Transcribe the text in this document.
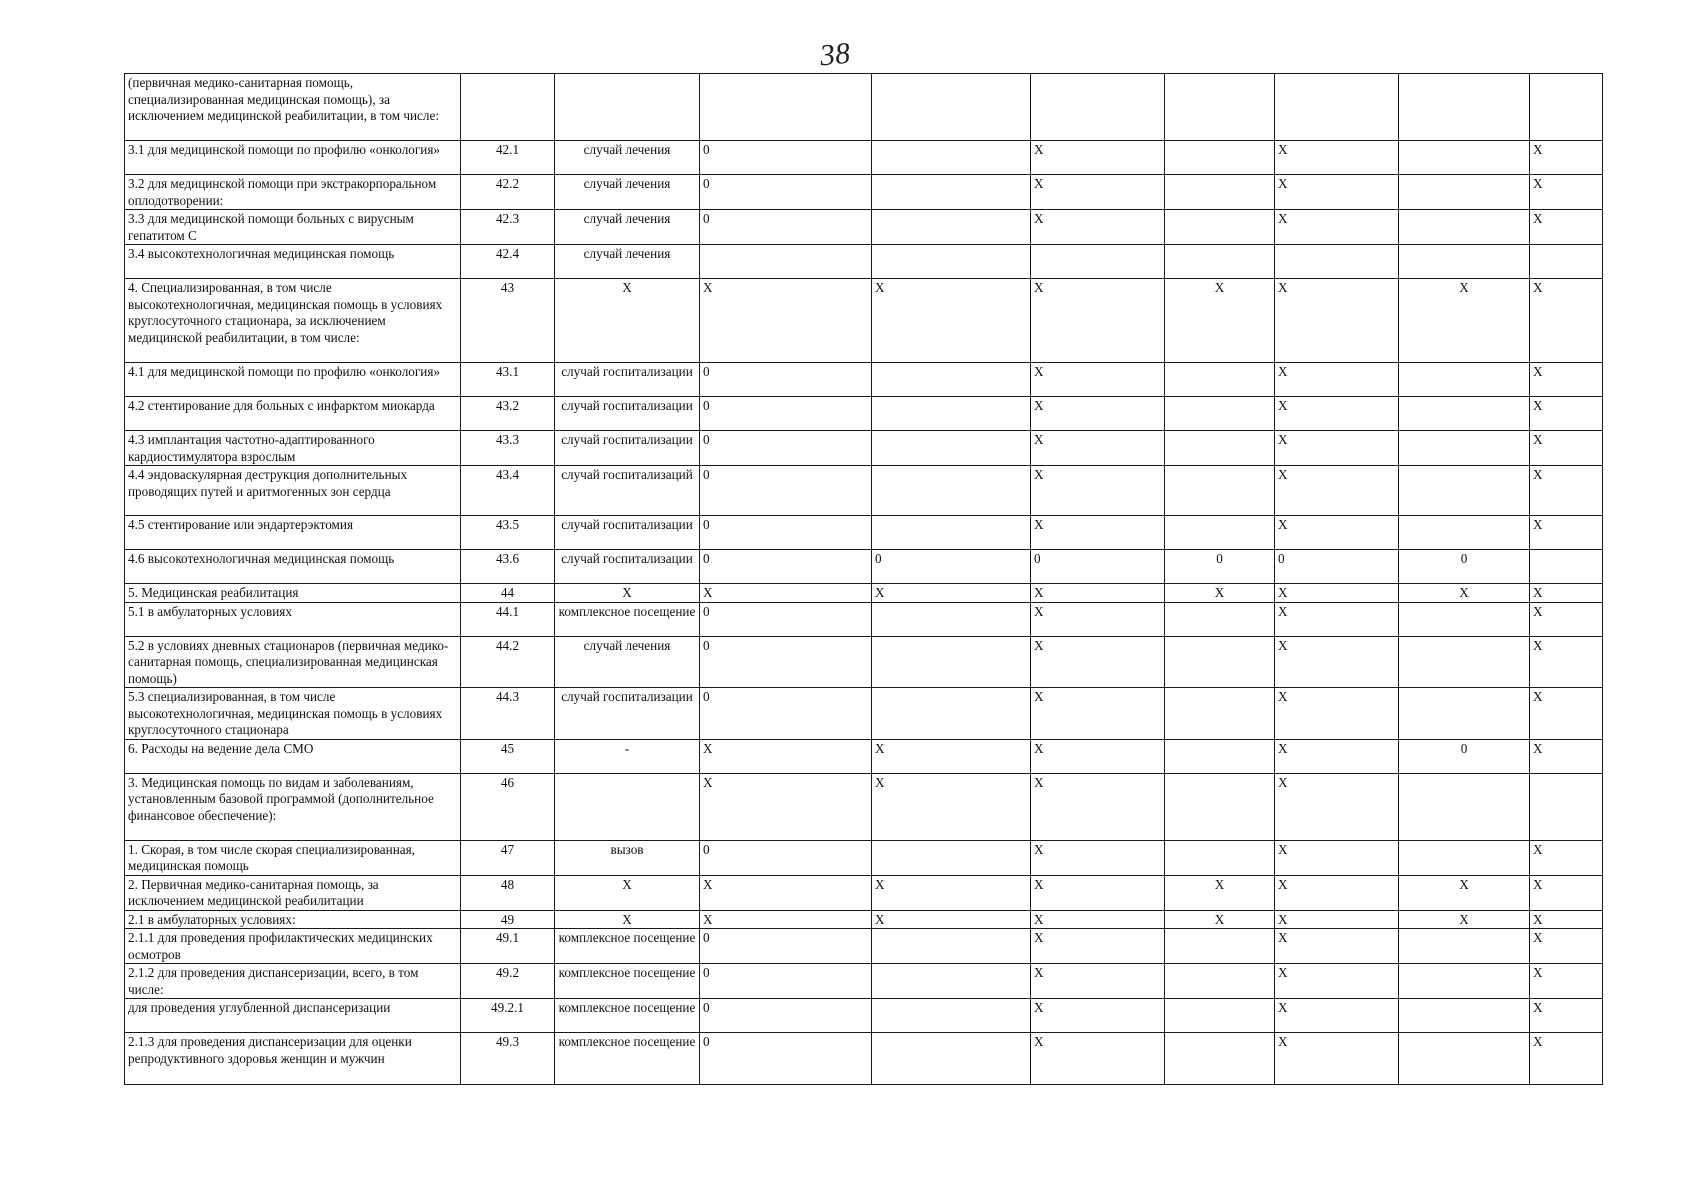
38
(первичная медико-санитарная помощь, специализированная медицинская помощь), за исключением медицинской реабилитации, в том числе:									
3.1 для медицинской помощи по профилю «онкология»	42.1	случай лечения	0		X		X		X
3.2 для медицинской помощи при экстракорпоральном оплодотворении:	42.2	случай лечения	0		X		X		X
3.3 для медицинской помощи больных с вирусным гепатитом С	42.3	случай лечения	0		X		X		X
3.4 высокотехнологичная медицинская помощь	42.4	случай лечения							
4. Специализированная, в том числе высокотехнологичная, медицинская помощь в условиях круглосуточного стационара, за исключением медицинской реабилитации, в том числе:	43	X	X	X	X	X	X	X	X
4.1 для медицинской помощи по профилю «онкология»	43.1	случай госпитализации	0		X		X		X
4.2 стентирование для больных с инфарктом миокарда	43.2	случай госпитализации	0		X		X		X
4.3 имплантация частотно-адаптированного кардиостимулятора взрослым	43.3	случай госпитализации	0		X		X		X
4.4 эндоваскулярная деструкция дополнительных проводящих путей и аритмогенных зон сердца	43.4	случай госпитализаций	0		X		X		X
4.5 стентирование или эндартерэктомия	43.5	случай госпитализации	0		X		X		X
4.6 высокотехнологичная медицинская помощь	43.6	случай госпитализации	0	0	0	0	0	0	
5. Медицинская реабилитация	44	X	X	X	X	X	X	X	X
5.1 в амбулаторных условиях	44.1	комплексное посещение	0		X		X		X
5.2 в условиях дневных стационаров (первичная медико-санитарная помощь, специализированная медицинская помощь)	44.2	случай лечения	0		X		X		X
5.3 специализированная, в том числе высокотехнологичная, медицинская помощь в условиях круглосуточного стационара	44.3	случай госпитализации	0		X		X		X
6. Расходы на ведение дела СМО	45	-	X	X	X		X	0	X
3. Медицинская помощь по видам и заболеваниям, установленным базовой программой (дополнительное финансовое обеспечение):	46		X	X	X		X		
1. Скорая, в том числе скорая специализированная, медицинская помощь	47	вызов	0		X		X		X
2. Первичная медико-санитарная помощь, за исключением медицинской реабилитации	48	X	X	X	X	X	X	X	X
2.1 в амбулаторных условиях:	49	X	X	X	X	X	X	X	X
2.1.1 для проведения профилактических медицинских осмотров	49.1	комплексное посещение	0		X		X		X
2.1.2 для проведения диспансеризации, всего, в том числе:	49.2	комплексное посещение	0		X		X		X
для проведения углубленной диспансеризации	49.2.1	комплексное посещение	0		X		X		X
2.1.3 для проведения диспансеризации для оценки репродуктивного здоровья женщин и мужчин	49.3	комплексное посещение	0		X		X		X
